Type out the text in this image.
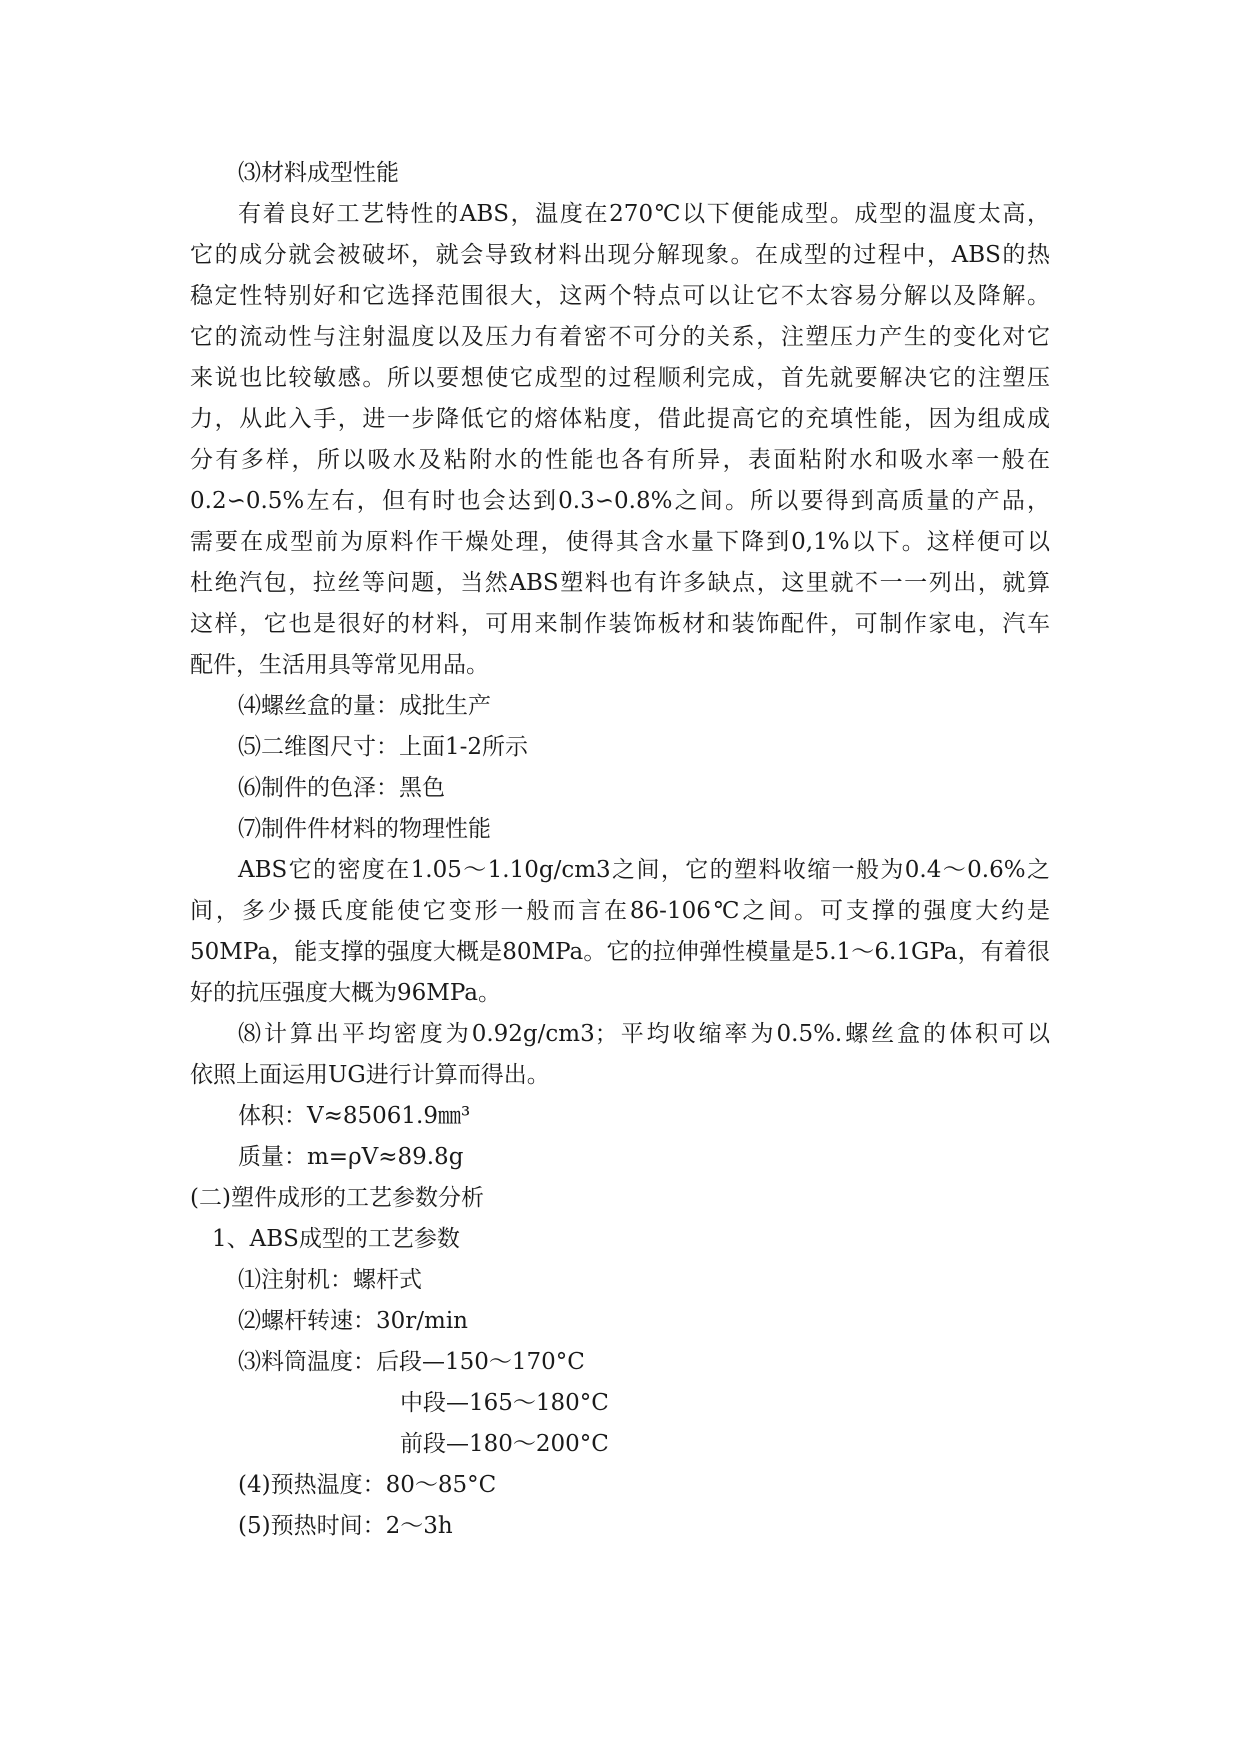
⑶材料成型性能
有着良好工艺特性的ABS，温度在270℃以下便能成型。成型的温度太高，
它的成分就会被破坏，就会导致材料出现分解现象。在成型的过程中，ABS的热
稳定性特别好和它选择范围很大，这两个特点可以让它不太容易分解以及降解。
它的流动性与注射温度以及压力有着密不可分的关系，注塑压力产生的变化对它
来说也比较敏感。所以要想使它成型的过程顺利完成，首先就要解决它的注塑压
力，从此入手，进一步降低它的熔体粘度，借此提高它的充填性能，因为组成成
分有多样，所以吸水及粘附水的性能也各有所异，表面粘附水和吸水率一般在
0.2∽0.5%左右，但有时也会达到0.3∽0.8%之间。所以要得到高质量的产品，
需要在成型前为原料作干燥处理，使得其含水量下降到0,1%以下。这样便可以
杜绝汽包，拉丝等问题，当然ABS塑料也有许多缺点，这里就不一一列出，就算
这样，它也是很好的材料，可用来制作装饰板材和装饰配件，可制作家电，汽车
配件，生活用具等常见用品。
⑷螺丝盒的量：成批生产
⑸二维图尺寸：上面1-2所示
⑹制件的色泽：黑色
⑺制件件材料的物理性能
ABS它的密度在1.05～1.10g/cm3之间，它的塑料收缩一般为0.4～0.6%之
间，多少摄氏度能使它变形一般而言在86-106℃之间。可支撑的强度大约是
50MPa，能支撑的强度大概是80MPa。它的拉伸弹性模量是5.1～6.1GPa，有着很
好的抗压强度大概为96MPa。
⑻计算出平均密度为0.92g/cm3；平均收缩率为0.5%.螺丝盒的体积可以
依照上面运用UG进行计算而得出。
体积：V≈85061.9㎜³
质量：m=ρV≈89.8g
(二)塑件成形的工艺参数分析
1、ABS成型的工艺参数
⑴注射机：螺杆式
⑵螺杆转速：30r/min
⑶料筒温度：后段—150～170°C
中段—165～180°C
前段—180～200°C
(4)预热温度：80～85°C
(5)预热时间：2～3h
